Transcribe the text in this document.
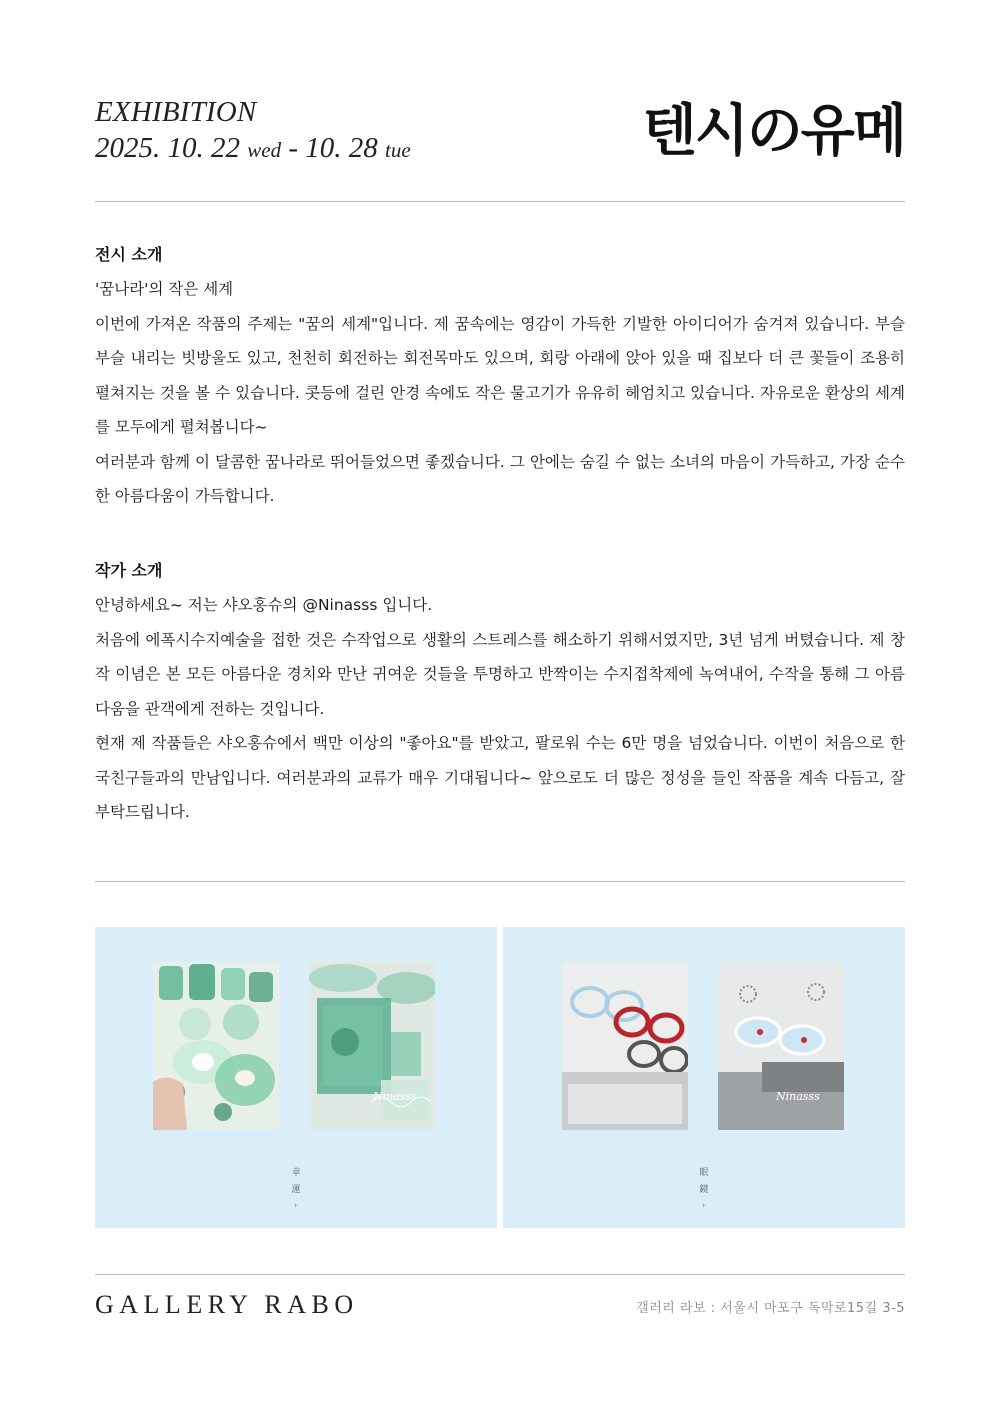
EXHIBITION
2025. 10. 22 wed - 10. 28 tue	텐시の유메
전시 소개

'꿈나라'의 작은 세계

이번에 가져온 작품의 주제는 "꿈의 세계"입니다. 제 꿈속에는 영감이 가득한 기발한 아이디어가 숨겨져 있습니다. 부슬부슬 내리는 빗방울도 있고, 천천히 회전하는 회전목마도 있으며, 회랑 아래에 앉아 있을 때 집보다 더 큰 꽃들이 조용히 펼쳐지는 것을 볼 수 있습니다. 콧등에 걸린 안경 속에도 작은 물고기가 유유히 헤엄치고 있습니다. 자유로운 환상의 세계를 모두에게 펼쳐봅니다~

여러분과 함께 이 달콤한 꿈나라로 뛰어들었으면 좋겠습니다. 그 안에는 숨길 수 없는 소녀의 마음이 가득하고, 가장 순수한 아름다움이 가득합니다.

작가 소개

안녕하세요~ 저는 샤오홍슈의 @Ninasss 입니다.

처음에 에폭시수지예술을 접한 것은 수작업으로 생활의 스트레스를 해소하기 위해서였지만, 3년 넘게 버텼습니다. 제 창작 이념은 본 모든 아름다운 경치와 만난 귀여운 것들을 투명하고 반짝이는 수지접착제에 녹여내어, 수작을 통해 그 아름다움을 관객에게 전하는 것입니다.

현재 제 작품들은 샤오홍슈에서 백만 이상의 "좋아요"를 받았고, 팔로워 수는 6만 명을 넘었습니다. 이번이 처음으로 한국친구들과의 만남입니다. 여러분과의 교류가 매우 기대됩니다~ 앞으로도 더 많은 정성을 들인 작품을 계속 다듬고, 잘 부탁드립니다.

Ninasss
幸
運
˒
Ninasss
眼
鏡
˒
GALLERY RABO	갤러리 라보 : 서울시 마포구 독막로15길 3-5
